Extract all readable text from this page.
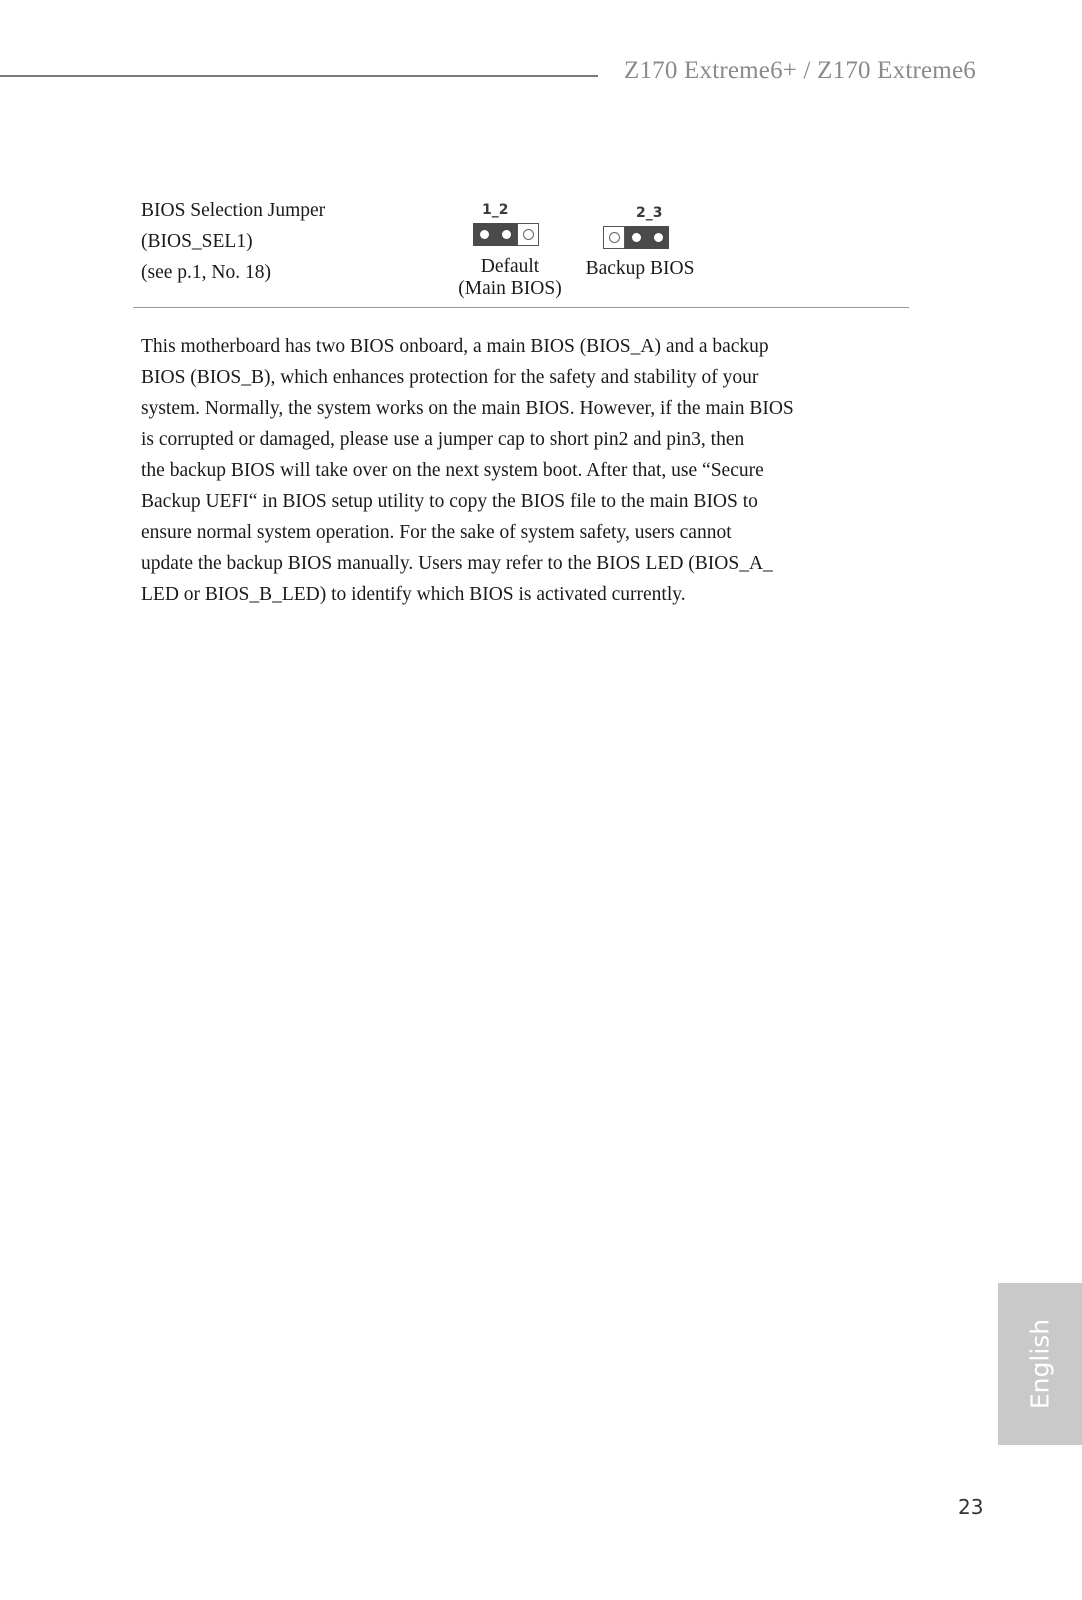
Z170 Extreme6+ / Z170 Extreme6
BIOS Selection Jumper
(BIOS_SEL1)
(see p.1, No. 18)
1_2
Default
(Main BIOS)
2_3
Backup BIOS
This motherboard has two BIOS onboard, a main BIOS (BIOS_A) and a backup
BIOS (BIOS_B), which enhances protection for the safety and stability of your
system. Normally, the system works on the main BIOS. However, if the main BIOS
is corrupted or damaged, please use a jumper cap to short pin2 and pin3, then
the backup BIOS will take over on the next system boot. After that, use “Secure
Backup UEFI“ in BIOS setup utility to copy the BIOS file to the main BIOS to
ensure normal system operation. For the sake of system safety, users cannot
update the backup BIOS manually. Users may refer to the BIOS LED (BIOS_A_
LED or BIOS_B_LED) to identify which BIOS is activated currently.
English
23
